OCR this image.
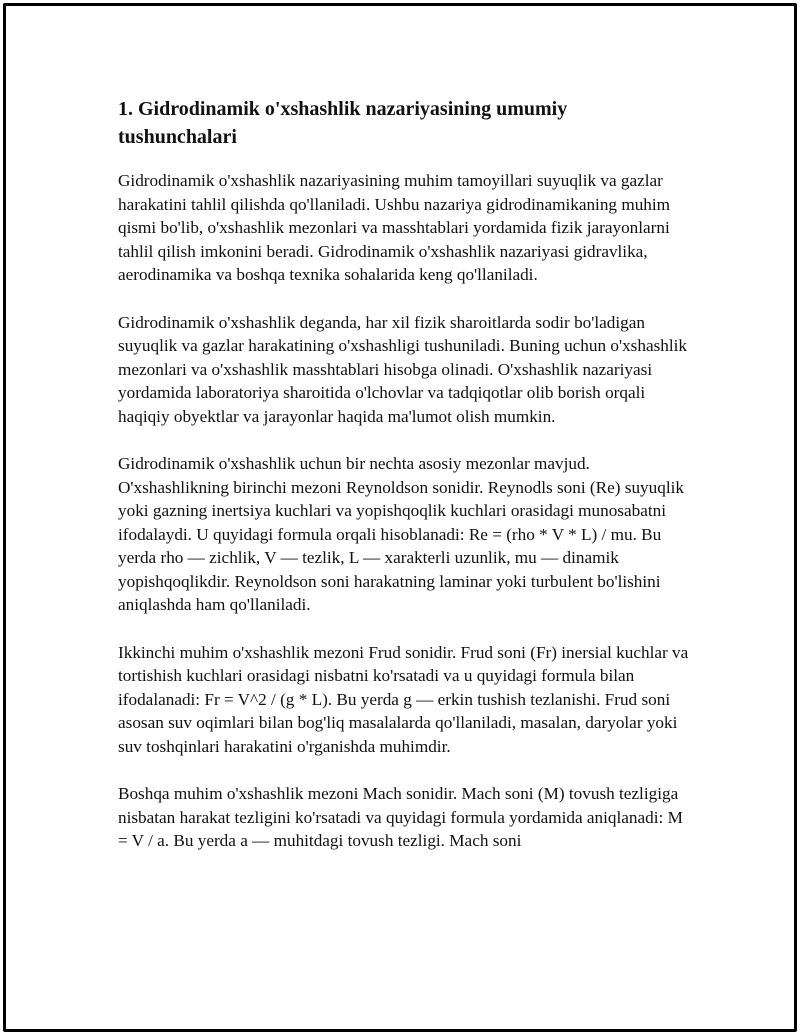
1. Gidrodinamik o'xshashlik nazariyasining umumiy tushunchalari

Gidrodinamik o'xshashlik nazariyasining muhim tamoyillari suyuqlik va gazlar harakatini tahlil qilishda qo'llaniladi. Ushbu nazariya gidrodinamikaning muhim qismi bo'lib, o'xshashlik mezonlari va masshtablari yordamida fizik jarayonlarni tahlil qilish imkonini beradi. Gidrodinamik o'xshashlik nazariyasi gidravlika, aerodinamika va boshqa texnika sohalarida keng qo'llaniladi.

Gidrodinamik o'xshashlik deganda, har xil fizik sharoitlarda sodir bo'ladigan suyuqlik va gazlar harakatining o'xshashligi tushuniladi. Buning uchun o'xshashlik mezonlari va o'xshashlik masshtablari hisobga olinadi. O'xshashlik nazariyasi yordamida laboratoriya sharoitida o'lchovlar va tadqiqotlar olib borish orqali haqiqiy obyektlar va jarayonlar haqida ma'lumot olish mumkin.

Gidrodinamik o'xshashlik uchun bir nechta asosiy mezonlar mavjud. O'xshashlikning birinchi mezoni Reynoldson sonidir. Reynodls soni (Re) suyuqlik yoki gazning inertsiya kuchlari va yopishqoqlik kuchlari orasidagi munosabatni ifodalaydi. U quyidagi formula orqali hisoblanadi: Re = (rho * V * L) / mu. Bu yerda rho — zichlik, V — tezlik, L — xarakterli uzunlik, mu — dinamik yopishqoqlikdir. Reynoldson soni harakatning laminar yoki turbulent bo'lishini aniqlashda ham qo'llaniladi.

Ikkinchi muhim o'xshashlik mezoni Frud sonidir. Frud soni (Fr) inersial kuchlar va tortishish kuchlari orasidagi nisbatni ko'rsatadi va u quyidagi formula bilan ifodalanadi: Fr = V^2 / (g * L). Bu yerda g — erkin tushish tezlanishi. Frud soni asosan suv oqimlari bilan bog'liq masalalarda qo'llaniladi, masalan, daryolar yoki suv toshqinlari harakatini o'rganishda muhimdir.

Boshqa muhim o'xshashlik mezoni Mach sonidir. Mach soni (M) tovush tezligiga nisbatan harakat tezligini ko'rsatadi va quyidagi formula yordamida aniqlanadi: M = V / a. Bu yerda a — muhitdagi tovush tezligi. Mach soni
